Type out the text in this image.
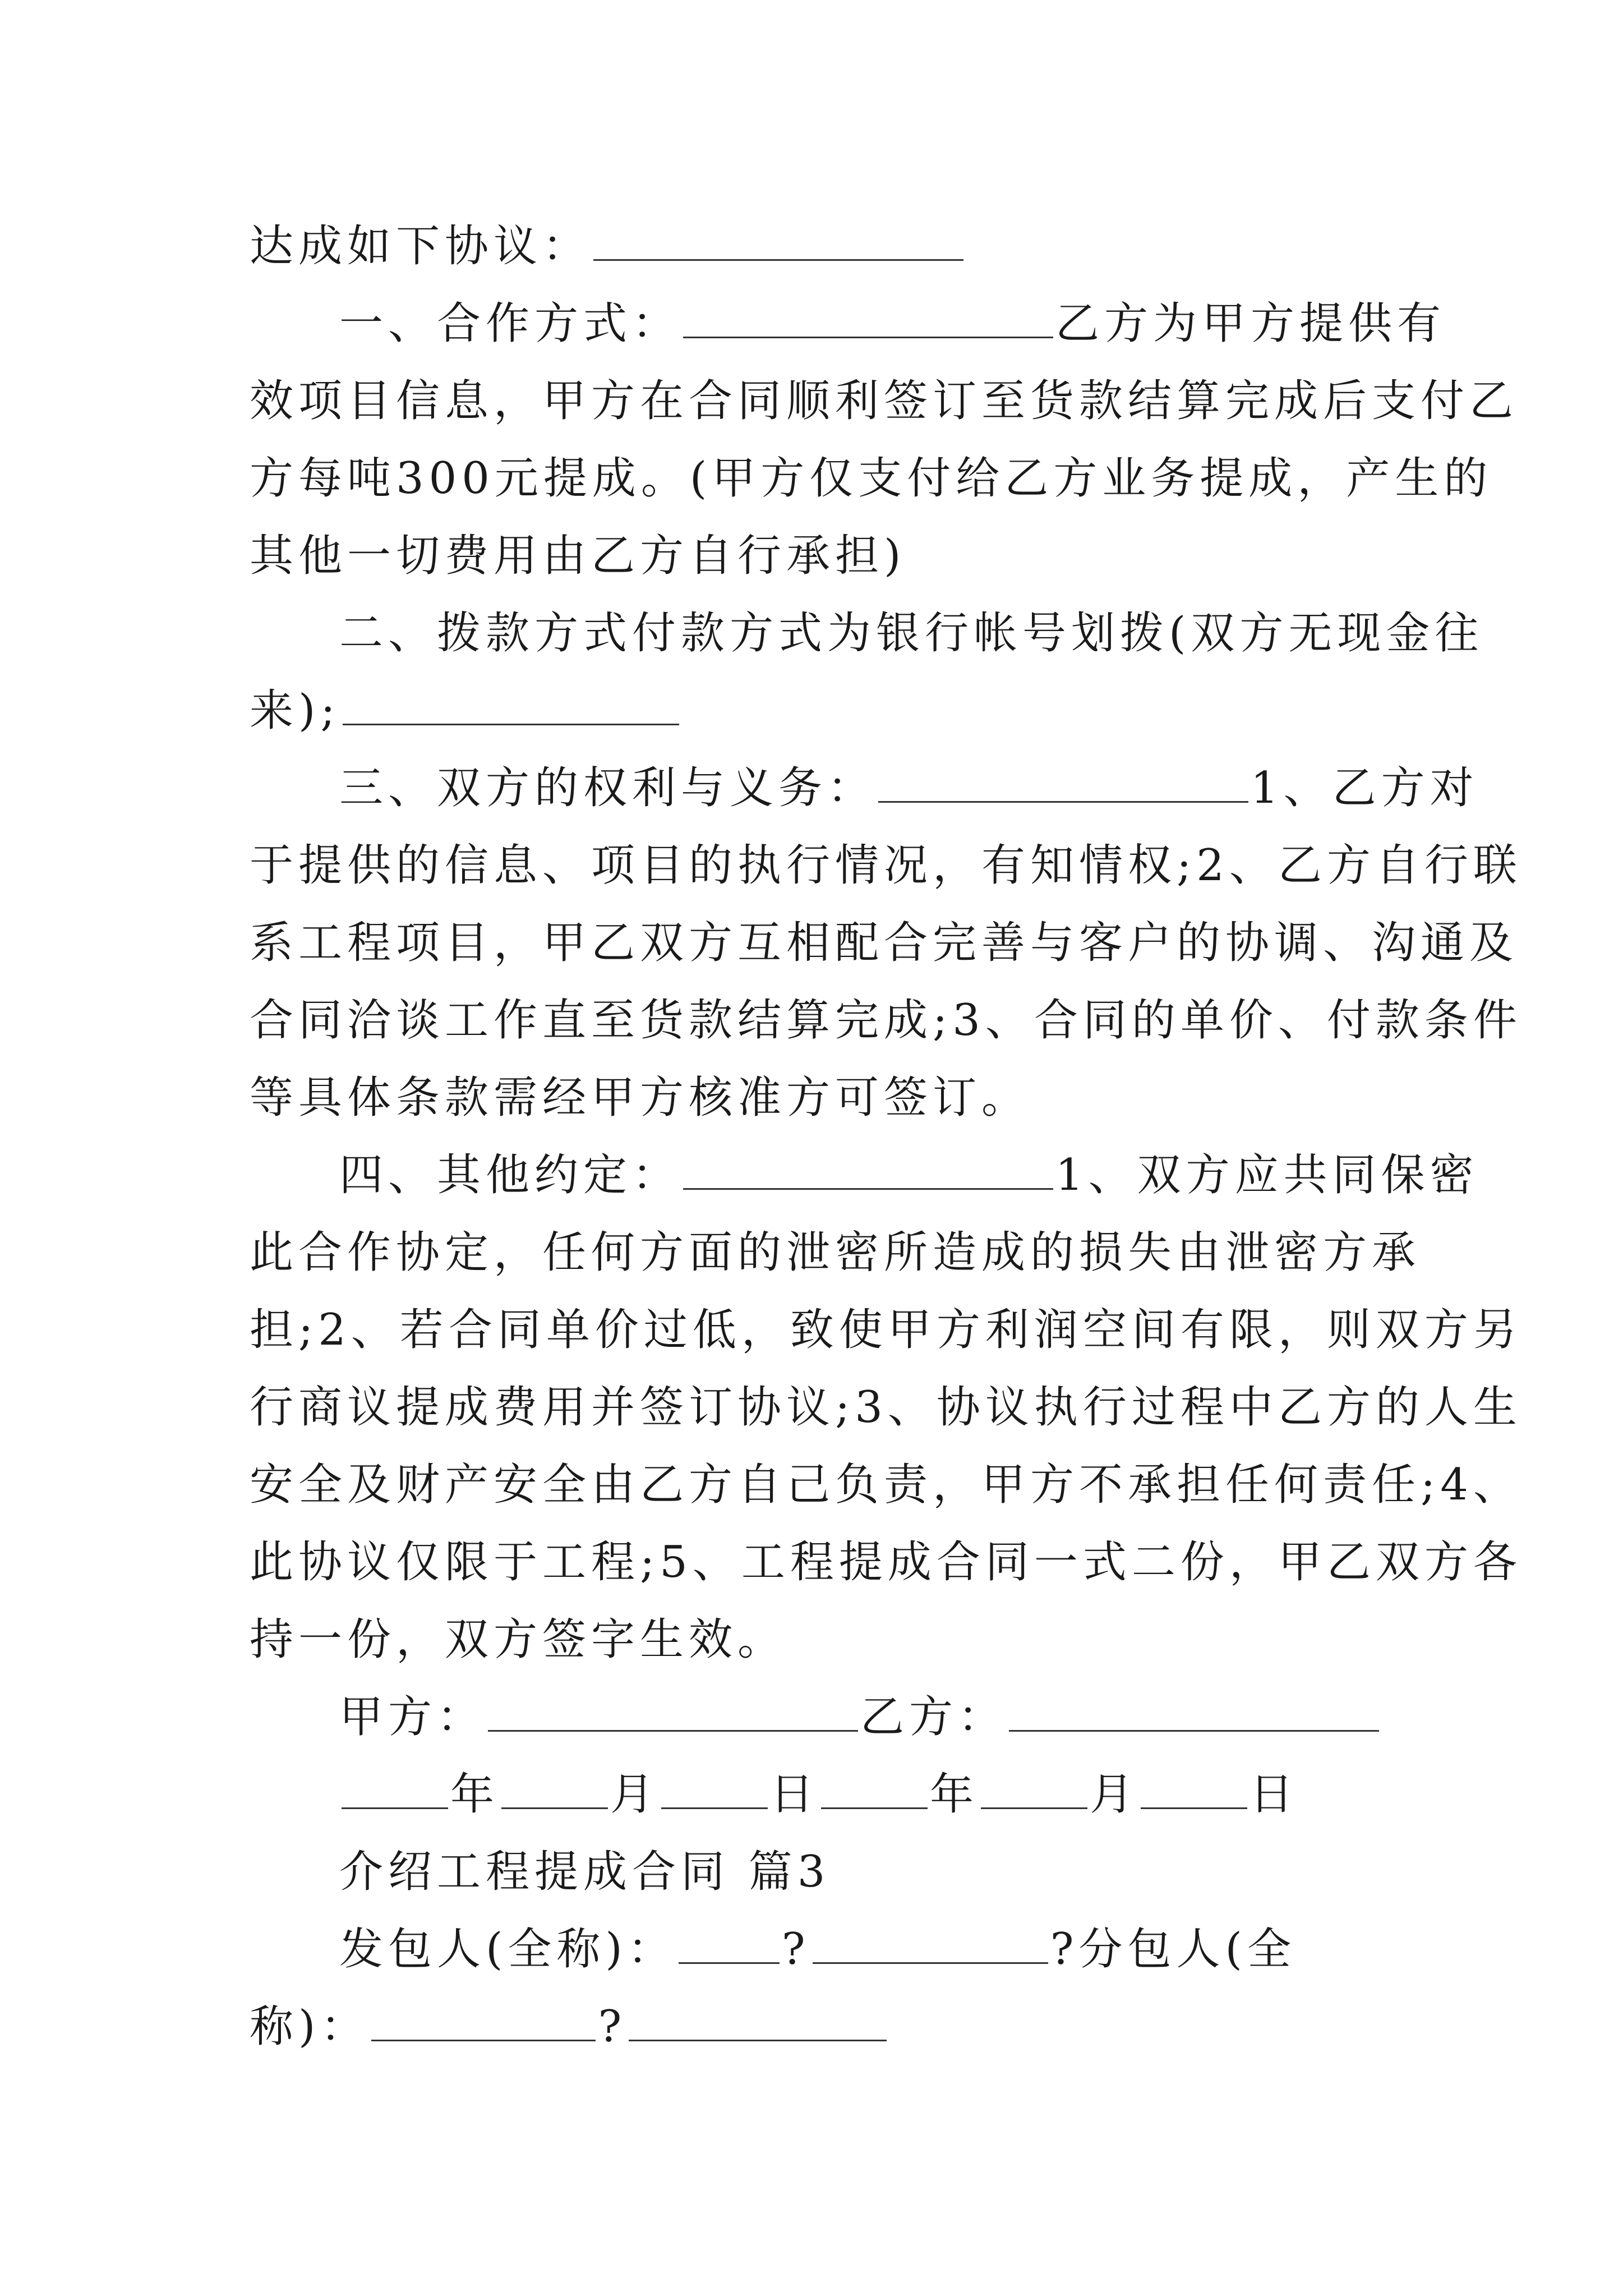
达成如下协议：
一、合作方式：	乙方为甲方提供有
效项目信息，甲方在合同顺利签订至货款结算完成后支付乙
方每吨300元提成。(甲方仅支付给乙方业务提成，产生的
其他一切费用由乙方自行承担)
二、拨款方式付款方式为银行帐号划拨(双方无现金往
来);
三、双方的权利与义务：	1、乙方对
于提供的信息、项目的执行情况，有知情权;2、乙方自行联
系工程项目，甲乙双方互相配合完善与客户的协调、沟通及
合同洽谈工作直至货款结算完成;3、合同的单价、付款条件
等具体条款需经甲方核准方可签订。
四、其他约定：	1、双方应共同保密
此合作协定，任何方面的泄密所造成的损失由泄密方承
担;2、若合同单价过低，致使甲方利润空间有限，则双方另
行商议提成费用并签订协议;3、协议执行过程中乙方的人生
安全及财产安全由乙方自己负责，甲方不承担任何责任;4、
此协议仅限于工程;5、工程提成合同一式二份，甲乙双方各
持一份，双方签字生效。
甲方：	乙方：
年	月	日	年	月	日
介绍工程提成合同 篇3
发包人(全称)： ?	?分包人(全
称)：	?
